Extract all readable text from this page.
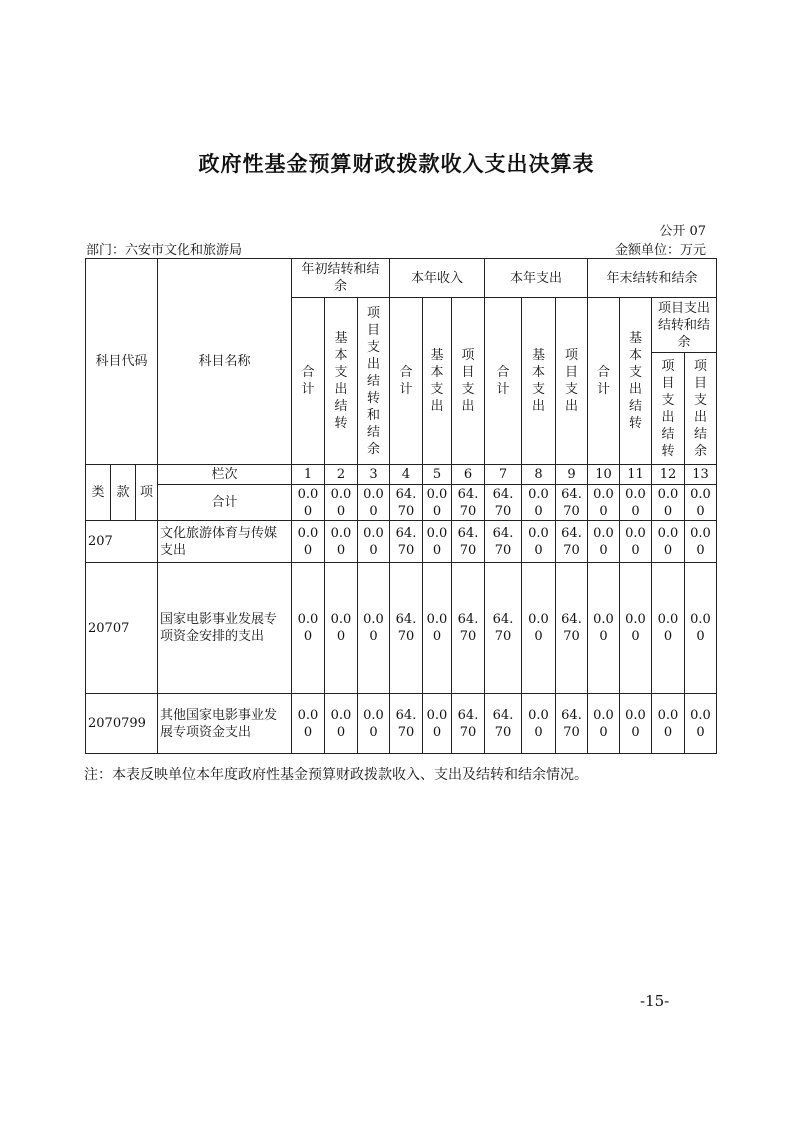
政府性基金预算财政拨款收入支出决算表
公开 07
部门：六安市文化和旅游局	金额单位：万元
科目代码			科目名称	年初结转和结余			本年收入			本年支出			年末结转和结余			
				合计	基本支出结转	项目支出结转和结余	合计	基本支出	项目支出	合计	基本支出	项目支出	合计	基本支出结转	项目支出结转和结余	
															项目支出结转	项目支出结余

类	款	项	栏次	1	2	3	4	5	6	7	8	9	10	11	12	13
			合计	0.00	0.00	0.00	64.70	0.00	64.70	64.70	0.00	64.70	0.00	0.00	0.00	0.00
207			文化旅游体育与传媒支出	0.00	0.00	0.00	64.70	0.00	64.70	64.70	0.00	64.70	0.00	0.00	0.00	0.00
20707			国家电影事业发展专项资金安排的支出	0.00	0.00	0.00	64.70	0.00	64.70	64.70	0.00	64.70	0.00	0.00	0.00	0.00
2070799			其他国家电影事业发展专项资金支出	0.00	0.00	0.00	64.70	0.00	64.70	64.70	0.00	64.70	0.00	0.00	0.00	0.00
注：本表反映单位本年度政府性基金预算财政拨款收入、支出及结转和结余情况。
-15-
